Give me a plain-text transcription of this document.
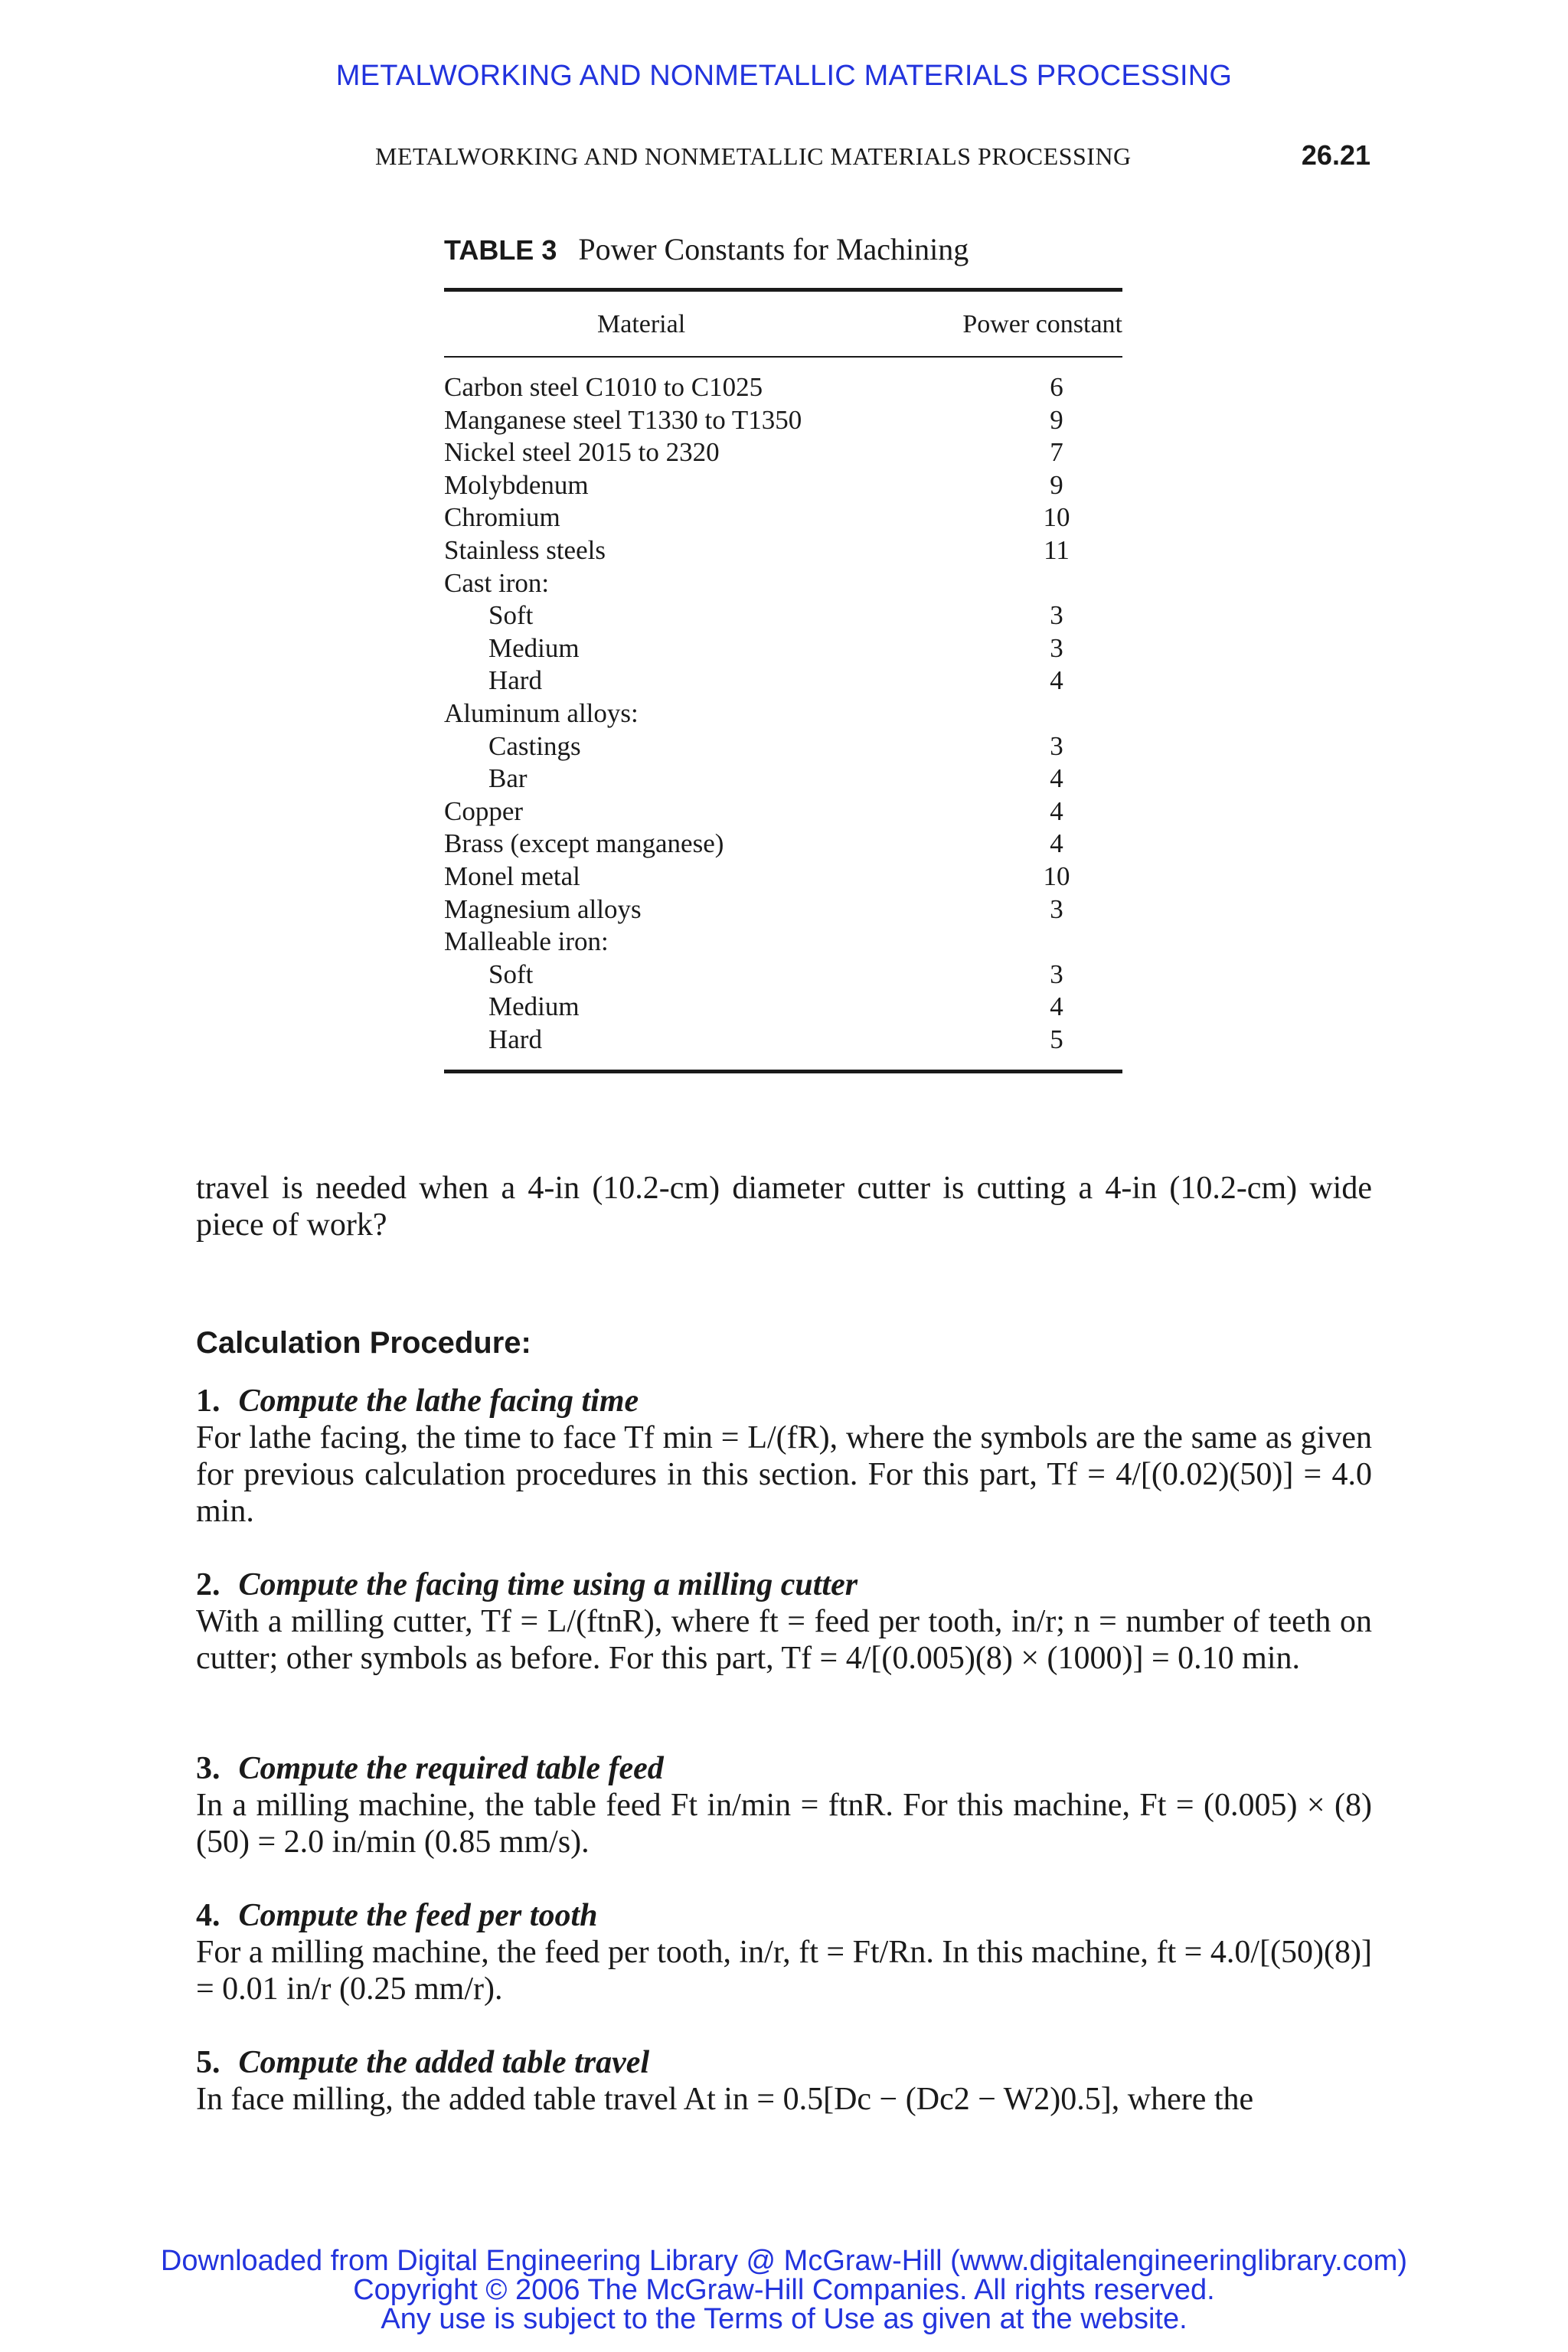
METALWORKING AND NONMETALLIC MATERIALS PROCESSING
METALWORKING AND NONMETALLIC MATERIALS PROCESSING	26.21
TABLE 3 Power Constants for Machining
Material	Power constant
Carbon steel C1010 to C1025	6
Manganese steel T1330 to T1350	9
Nickel steel 2015 to 2320	7
Molybdenum	9
Chromium	10
Stainless steels	11
Cast iron:
Soft	3
Medium	3
Hard	4
Aluminum alloys:
Castings	3
Bar	4
Copper	4
Brass (except manganese)	4
Monel metal	10
Magnesium alloys	3
Malleable iron:
Soft	3
Medium	4
Hard	5
travel is needed when a 4-in (10.2-cm) diameter cutter is cutting a 4-in (10.2-cm) wide piece of work?
Calculation Procedure:
1. Compute the lathe facing time
For lathe facing, the time to face Tf min = L/(fR), where the symbols are the same as given for previous calculation procedures in this section. For this part, Tf = 4/[(0.02)(50)] = 4.0 min.
2. Compute the facing time using a milling cutter
With a milling cutter, Tf = L/(ftnR), where ft = feed per tooth, in/r; n = number of teeth on cutter; other symbols as before. For this part, Tf = 4/[(0.005)(8) × (1000)] = 0.10 min.
3. Compute the required table feed
In a milling machine, the table feed Ft in/min = ftnR. For this machine, Ft = (0.005) × (8)(50) = 2.0 in/min (0.85 mm/s).
4. Compute the feed per tooth
For a milling machine, the feed per tooth, in/r, ft = Ft/Rn. In this machine, ft = 4.0/[(50)(8)] = 0.01 in/r (0.25 mm/r).
5. Compute the added table travel
In face milling, the added table travel At in = 0.5[Dc − (Dc2 − W2)0.5], where the
Downloaded from Digital Engineering Library @ McGraw-Hill (www.digitalengineeringlibrary.com)
Copyright © 2006 The McGraw-Hill Companies. All rights reserved.
Any use is subject to the Terms of Use as given at the website.
